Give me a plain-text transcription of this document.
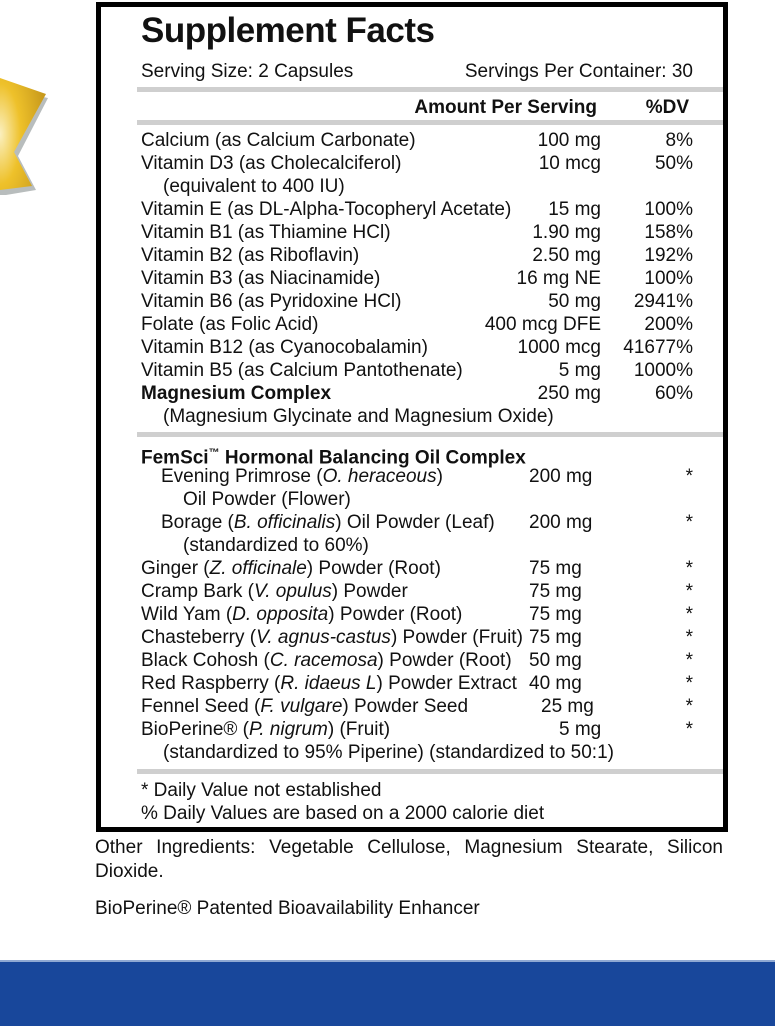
Supplement Facts
Serving Size: 2 Capsules	Servings Per Container: 30
Amount Per Serving	%DV
Calcium (as Calcium Carbonate)	100 mg	8%
Vitamin D3 (as Cholecalciferol)	10 mcg	50%
(equivalent to 400 IU)
Vitamin E (as DL-Alpha-Tocopheryl Acetate) 15 mg 100%
Vitamin B1 (as Thiamine HCl)	1.90 mg 158%
Vitamin B2 (as Riboflavin)	2.50 mg 192%
Vitamin B3 (as Niacinamide)	16 mg NE 100%
Vitamin B6 (as Pyridoxine HCl)	50 mg 2941%
Folate (as Folic Acid)	400 mcg DFE 200%
Vitamin B12 (as Cyanocobalamin)	1000 mcg 41677%
Vitamin B5 (as Calcium Pantothenate)	5 mg 1000%
Magnesium Complex	250 mg	60%
(Magnesium Glycinate and Magnesium Oxide)
FemSci™ Hormonal Balancing Oil Complex
Evening Primrose (O. heraceous)	200 mg	*
Oil Powder (Flower)
Borage (B. officinalis) Oil Powder (Leaf) 200 mg	*
(standardized to 60%)
Ginger (Z. officinale) Powder (Root)	75 mg	*
Cramp Bark (V. opulus) Powder	75 mg	*
Wild Yam (D. opposita) Powder (Root)	75 mg	*
Chasteberry (V. agnus-castus) Powder (Fruit) 75 mg	*
Black Cohosh (C. racemosa) Powder (Root) 50 mg	*
Red Raspberry (R. idaeus L) Powder Extract 40 mg	*
Fennel Seed (F. vulgare) Powder Seed	25 mg	*
BioPerine® (P. nigrum) (Fruit)	5 mg	*
(standardized to 95% Piperine) (standardized to 50:1)
* Daily Value not established
% Daily Values are based on a 2000 calorie diet
Other Ingredients: Vegetable Cellulose, Magnesium Stearate, Silicon Dioxide.
BioPerine® Patented Bioavailability Enhancer
